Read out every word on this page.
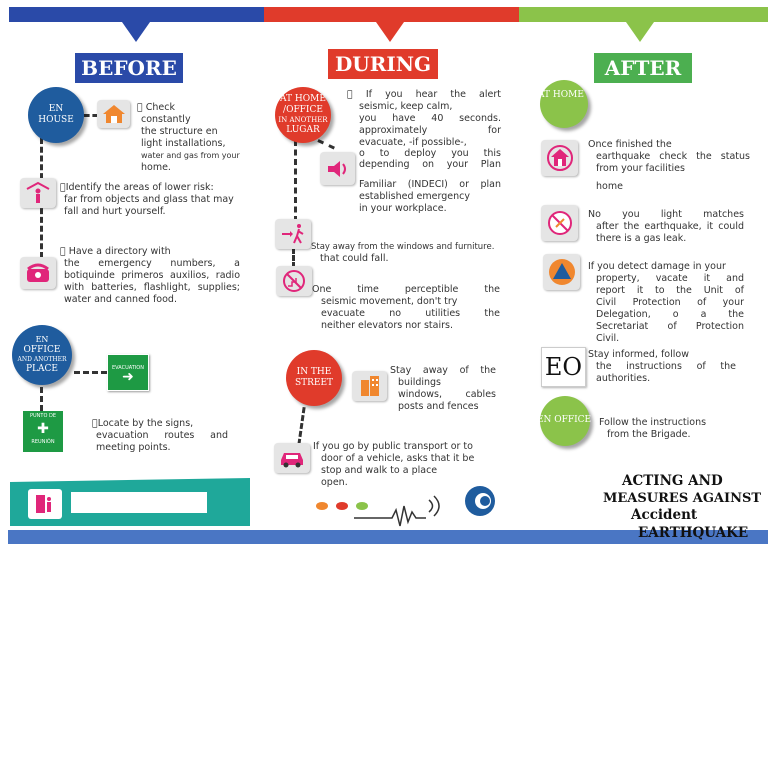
BEFORE	DURING	AFTER
EN
HOUSE
Check
constantly
the structure en
light installations,
water and gas from your
home.
Identify the areas of lower risk:
far from objects and glass that may
fall and hurt yourself.
Have a directory with
the emergency numbers, a
botiquinde primeros auxilios, radio
with batteries, flashlight, supplies;
water and canned food.
EN
OFFICE
AND ANOTHER
PLACE	EVACUATION
➜
PUNTO DE
✚
REUNIÓN
Locate by the signs,
evacuation routes and
meeting points.
AT HOME
/OFFICE
IN ANOTHER
LUGAR
If you hear the alert
seismic, keep calm,
you have 40 seconds.
approximately for
evacuate, -if possible-,
o to deploy you this
depending on your Plan
Familiar (INDECI) or plan
established emergency
in your workplace.
Stay away from the windows and furniture.
that could fall.
One time perceptible the
seismic movement, don't try
evacuate no utilities the
neither elevators nor stairs.
IN THE
STREET
Stay away of the
buildings
windows, cables
posts and fences
If you go by public transport or to
door of a vehicle, asks that it be
stop and walk to a place
open.
AT HOME
Once finished the
earthquake check the status
from your facilities
home
No you light matches
after the earthquake, it could
there is a gas leak.
If you detect damage in your
property, vacate it and
report it to the Unit of
Civil Protection of your
Delegation, o a the
Secretariat of Protection
Civil.
EO Stay informed, follow
the instructions of the
authorities.
EN OFFICE Follow the instructions
from the Brigade.
ACTING AND
MEASURES AGAINST
Accident
EARTHQUAKE
